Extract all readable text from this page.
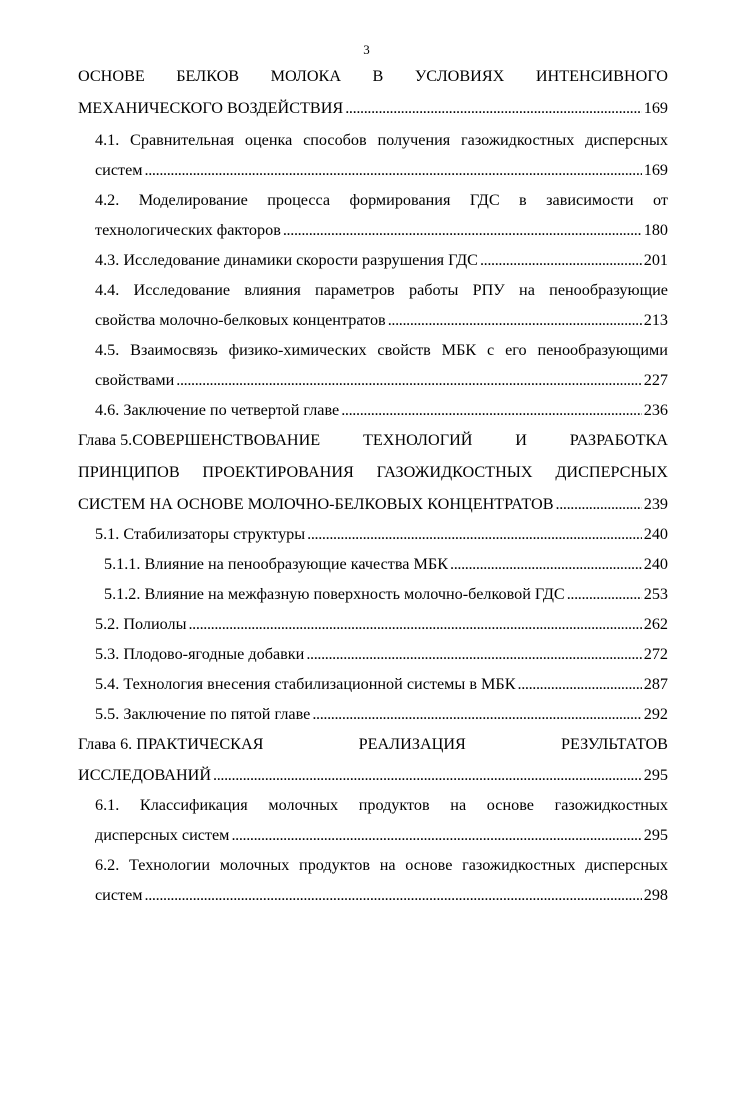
3
ОСНОВЕ БЕЛКОВ МОЛОКА В УСЛОВИЯХ ИНТЕНСИВНОГО
МЕХАНИЧЕСКОГО ВОЗДЕЙСТВИЯ . . .	169
4.1. Сравнительная оценка способов получения газожидкостных дисперсных
систем . . .	169
4.2. Моделирование процесса формирования ГДС в зависимости от
технологических факторов . . .	180
4.3. Исследование динамики скорости разрушения ГДС . . .	201
4.4. Исследование влияния параметров работы РПУ на пенообразующие
свойства молочно-белковых концентратов . . .	213
4.5. Взаимосвязь физико-химических свойств МБК с его пенообразующими
свойствами . . .	227
4.6. Заключение по четвертой главе . . .	236
Глава 5.СОВЕРШЕНСТВОВАНИЕ	ТЕХНОЛОГИЙ	И	РАЗРАБОТКА
ПРИНЦИПОВ ПРОЕКТИРОВАНИЯ ГАЗОЖИДКОСТНЫХ ДИСПЕРСНЫХ
СИСТЕМ НА ОСНОВЕ МОЛОЧНО-БЕЛКОВЫХ КОНЦЕНТРАТОВ . . .	239
5.1. Стабилизаторы структуры . . .	240
5.1.1. Влияние на пенообразующие качества МБК . . .	240
5.1.2. Влияние на межфазную поверхность молочно-белковой ГДС . . .	253
5.2. Полиолы . . .	262
5.3. Плодово-ягодные добавки . . .	272
5.4. Технология внесения стабилизационной системы в МБК . . .	287
5.5. Заключение по пятой главе . . .	292
Глава 6. ПРАКТИЧЕСКАЯ	РЕАЛИЗАЦИЯ	РЕЗУЛЬТАТОВ
ИССЛЕДОВАНИЙ . . .	295
6.1. Классификация молочных продуктов на основе газожидкостных
дисперсных систем . . .	295
6.2. Технологии молочных продуктов на основе газожидкостных дисперсных
систем . . .	298
